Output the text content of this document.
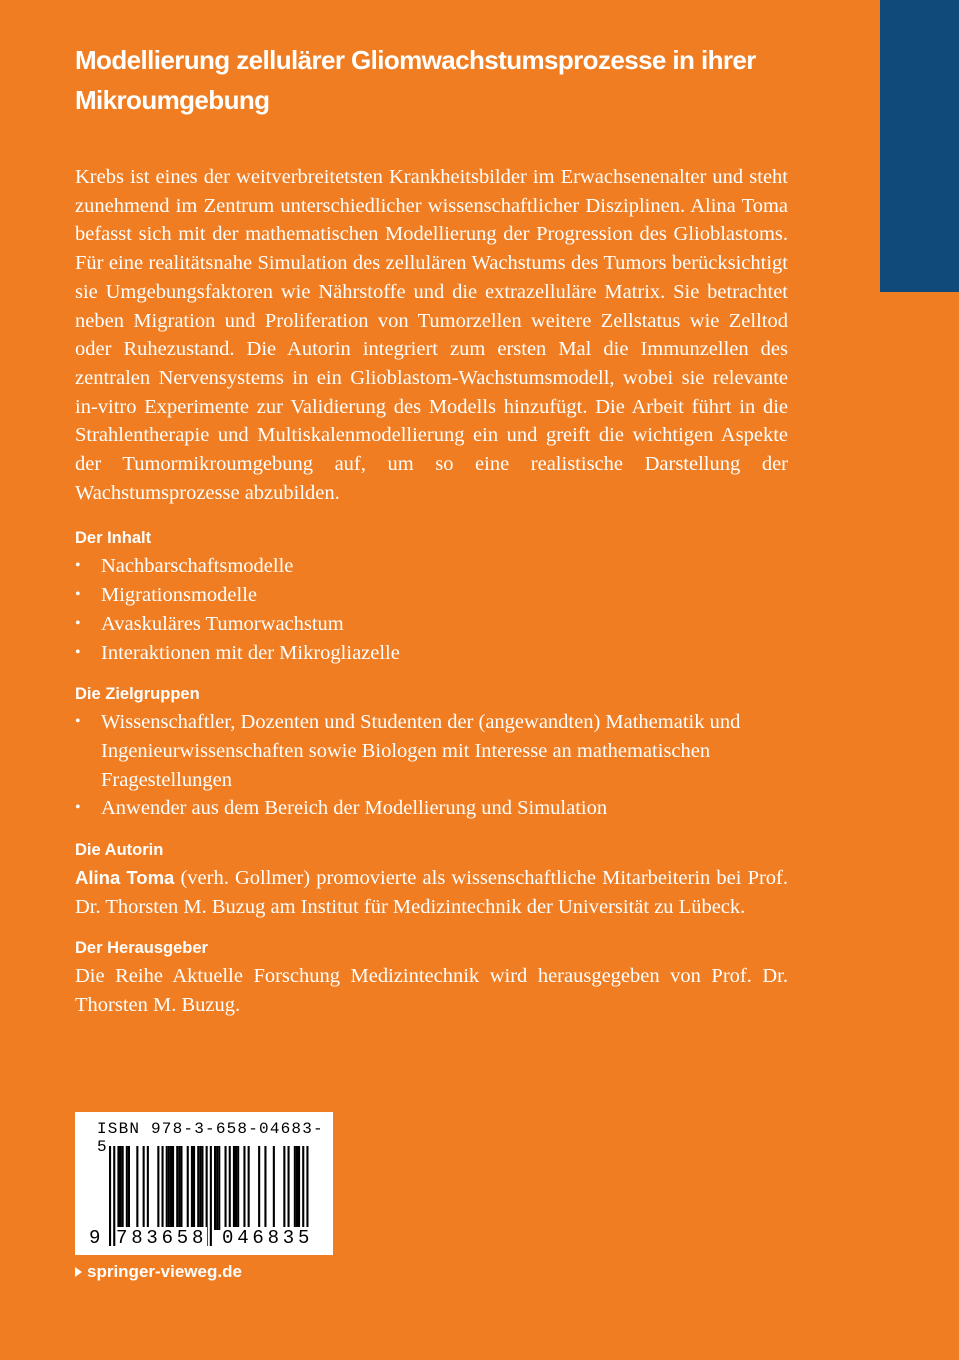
Modellierung zellulärer Gliomwachstumsprozesse in ihrer Mikroumgebung

Krebs ist eines der weitverbreitetsten Krankheitsbilder im Erwachsenenalter und steht zunehmend im Zentrum unterschiedlicher wissenschaftlicher Disziplinen. Alina Toma befasst sich mit der mathematischen Modellierung der Progression des Glioblastoms. Für eine realitätsnahe Simulation des zellulären Wachstums des Tumors berücksichtigt sie Umgebungsfaktoren wie Nährstoffe und die extrazelluläre Matrix. Sie betrachtet neben Migration und Proliferation von Tumorzellen weitere Zellstatus wie Zelltod oder Ruhezustand. Die Autorin integriert zum ersten Mal die Immunzellen des zentralen Nervensystems in ein Glioblastom-Wachstumsmodell, wobei sie relevante in-vitro Experimente zur Validierung des Modells hinzufügt. Die Arbeit führt in die Strahlentherapie und Multiskalenmodellierung ein und greift die wichtigen Aspekte der Tumormikroumgebung auf, um so eine realistische Darstellung der Wachstumsprozesse abzubilden.

Der Inhalt
• Nachbarschaftsmodelle
• Migrationsmodelle
• Avaskuläres Tumorwachstum
• Interaktionen mit der Mikrogliazelle
Die Zielgruppen
• Wissenschaftler, Dozenten und Studenten der (angewandten) Mathematik und Ingenieurwissenschaften sowie Biologen mit Interesse an mathematischen Fragestellungen
• Anwender aus dem Bereich der Modellierung und Simulation
Die Autorin

Alina Toma (verh. Gollmer) promovierte als wissenschaftliche Mitarbeiterin bei Prof. Dr. Thorsten M. Buzug am Institut für Medizintechnik der Universität zu Lübeck.

Der Herausgeber

Die Reihe Aktuelle Forschung Medizintechnik wird herausgegeben von Prof. Dr. Thorsten M. Buzug.

ISBN 978-3-658-04683-5
9 783658 046835
springer-vieweg.de
